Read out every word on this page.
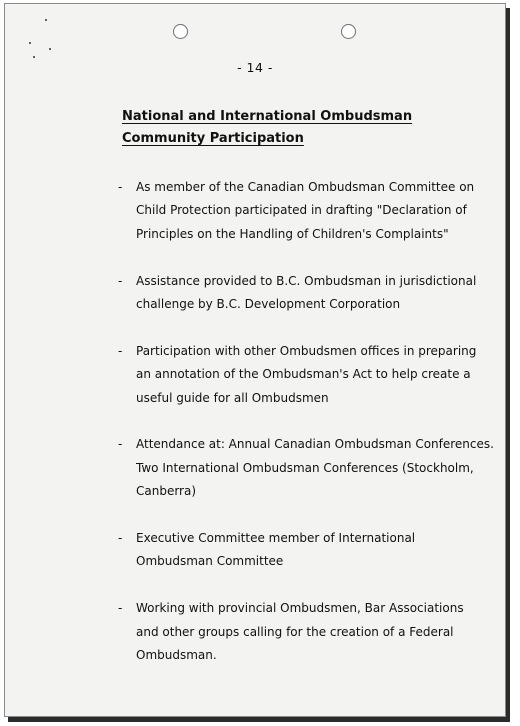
- 14 -
National and International Ombudsman
Community Participation
- As member of the Canadian Ombudsman Committee on
Child Protection participated in drafting "Declaration of
Principles on the Handling of Children's Complaints"
- Assistance provided to B.C. Ombudsman in jurisdictional
challenge by B.C. Development Corporation
- Participation with other Ombudsmen offices in preparing
an annotation of the Ombudsman's Act to help create a
useful guide for all Ombudsmen
- Attendance at: Annual Canadian Ombudsman Conferences.
Two International Ombudsman Conferences (Stockholm,
Canberra)
- Executive Committee member of International
Ombudsman Committee
- Working with provincial Ombudsmen, Bar Associations
and other groups calling for the creation of a Federal
Ombudsman.
